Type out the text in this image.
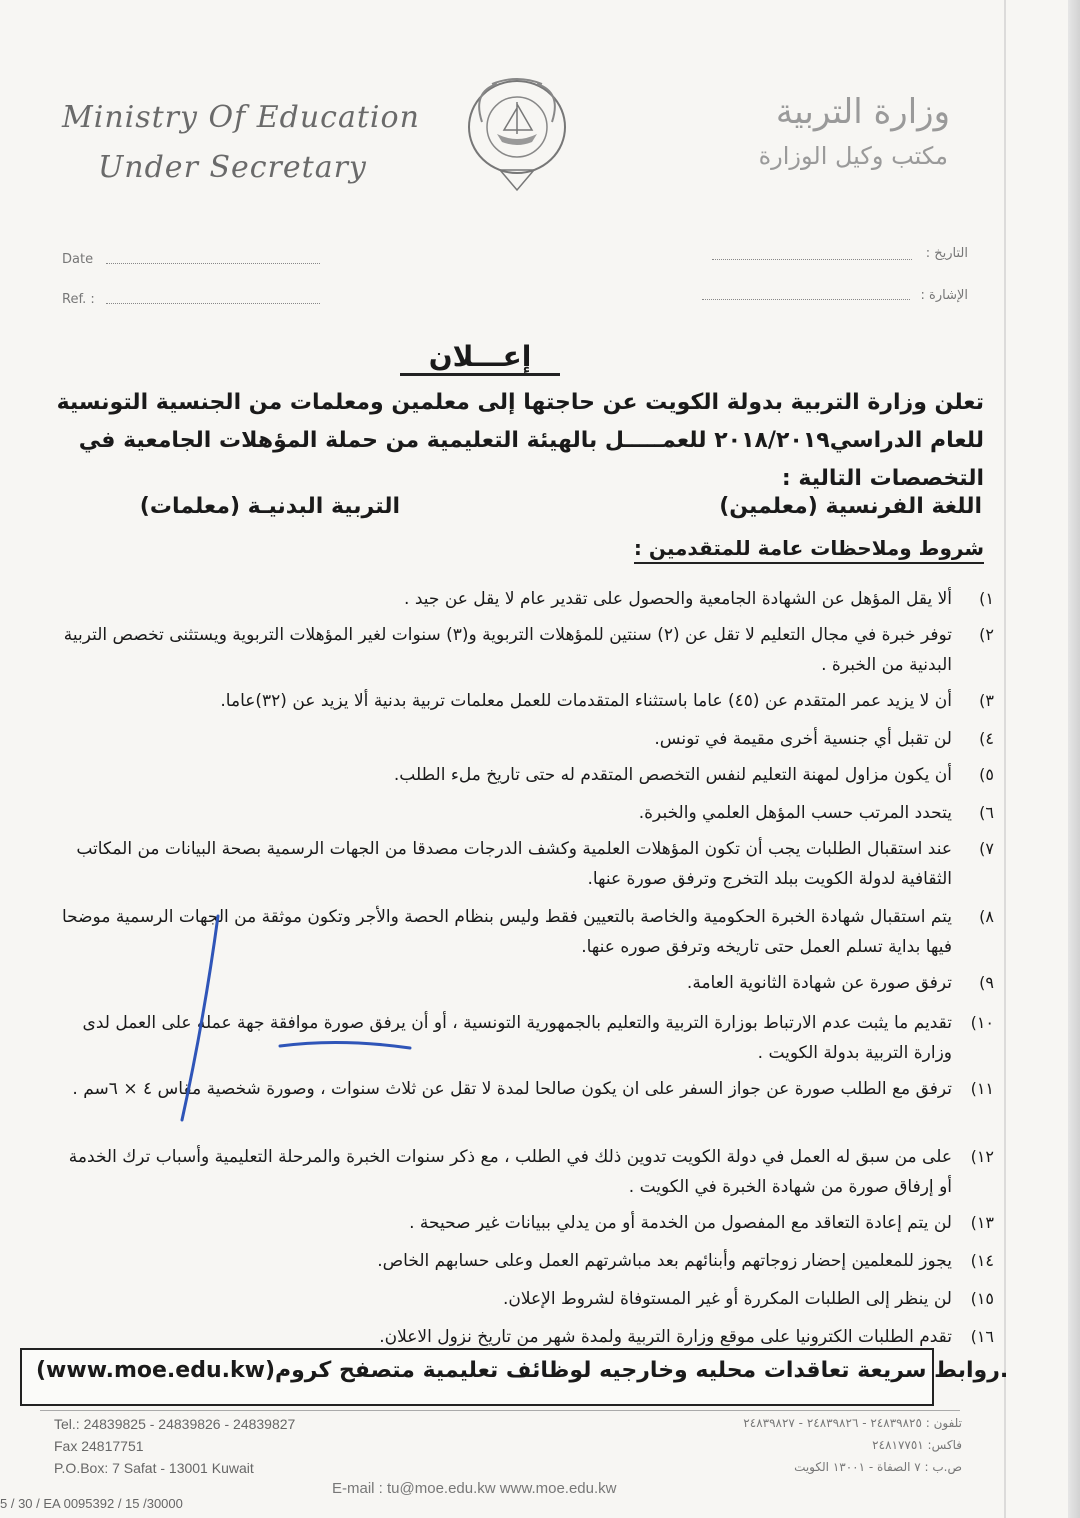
Ministry Of Education
Under Secretary
وزارة التربية
مكتب وكيل الوزارة
Date
Ref. :
التاريخ :
الإشارة :
إعـــلان
تعلن وزارة التربية بدولة الكويت عن حاجتها إلى معلمين ومعلمات من الجنسية التونسية للعام الدراسي٢٠١٨/٢٠١٩ للعمـــــل بالهيئة التعليمية من حملة المؤهلات الجامعية في التخصصات التالية :
اللغة الفرنسية (معلمين)
التربية البدنيـة (معلمات)
شروط وملاحظات عامة للمتقدمين :
١)
ألا يقل المؤهل عن الشهادة الجامعية والحصول على تقدير عام لا يقل عن جيد .
٢)
توفر خبرة في مجال التعليم لا تقل عن (٢) سنتين للمؤهلات التربوية و(٣) سنوات لغير المؤهلات التربوية ويستثنى تخصص التربية البدنية من الخبرة .
٣)
أن لا يزيد عمر المتقدم عن (٤٥) عاما باستثناء المتقدمات للعمل معلمات تربية بدنية ألا يزيد عن (٣٢)عاما.
٤)
لن تقبل أي جنسية أخرى مقيمة في تونس.
٥)
أن يكون مزاول لمهنة التعليم لنفس التخصص المتقدم له حتى تاريخ ملء الطلب.
٦)
يتحدد المرتب حسب المؤهل العلمي والخبرة.
٧)
عند استقبال الطلبات يجب أن تكون المؤهلات العلمية وكشف الدرجات مصدقا من الجهات الرسمية بصحة البيانات من المكاتب الثقافية لدولة الكويت ببلد التخرج وترفق صورة عنها.
٨)
يتم استقبال شهادة الخبرة الحكومية والخاصة بالتعيين فقط وليس بنظام الحصة والأجر وتكون موثقة من الجهات الرسمية موضحا فيها بداية تسلم العمل حتى تاريخه وترفق صوره عنها.
٩)
ترفق صورة عن شهادة الثانوية العامة.
١٠)
تقديم ما يثبت عدم الارتباط بوزارة التربية والتعليم بالجمهورية التونسية ، أو أن يرفق صورة موافقة جهة عمله على العمل لدى وزارة التربية بدولة الكويت .
١١)
ترفق مع الطلب صورة عن جواز السفر على ان يكون صالحا لمدة لا تقل عن ثلاث سنوات ، وصورة شخصية مقاس ٤ × ٦سم .
١٢)
على من سبق له العمل في دولة الكويت تدوين ذلك في الطلب ، مع ذكر سنوات الخبرة والمرحلة التعليمية وأسباب ترك الخدمة أو إرفاق صورة من شهادة الخبرة في الكويت .
١٣)
لن يتم إعادة التعاقد مع المفصول من الخدمة أو من يدلي ببيانات غير صحيحة .
١٤)
يجوز للمعلمين إحضار زوجاتهم وأبنائهم بعد مباشرتهم العمل وعلى حسابهم الخاص.
١٥)
لن ينظر إلى الطلبات المكررة أو غير المستوفاة لشروط الإعلان.
١٦)
تقدم الطلبات الكترونيا على موقع وزارة التربية ولمدة شهر من تاريخ نزول الاعلان.
(www.moe.edu.kw)روابط سريعة تعاقدات محليه وخارجيه لوظائف تعليمية متصفح كروم.
Tel.: 24839825 - 24839826 - 24839827
Fax 24817751
P.O.Box: 7 Safat - 13001 Kuwait
تلفون : ٢٤٨٣٩٨٢٥ - ٢٤٨٣٩٨٢٦ - ٢٤٨٣٩٨٢٧
فاكس: ٢٤٨١٧٧٥١
ص.ب : ٧ الصفاة - ١٣٠٠١ الكويت
E-mail : tu@moe.edu.kw www.moe.edu.kw
5 / 30 / EA 0095392 / 15 /30000
